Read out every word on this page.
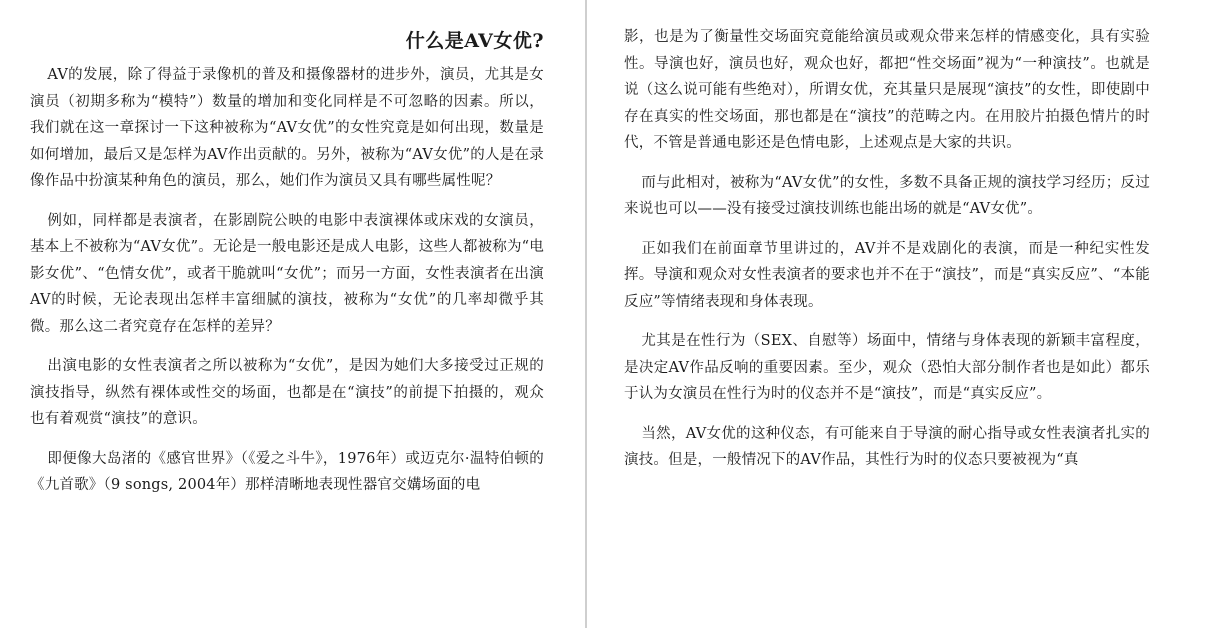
什么是AV女优?

AV的发展，除了得益于录像机的普及和摄像器材的进步外，演员，尤其是女演员（初期多称为“模特”）数量的增加和变化同样是不可忽略的因素。所以，我们就在这一章探讨一下这种被称为“AV女优”的女性究竟是如何出现，数量是如何增加，最后又是怎样为AV作出贡献的。另外，被称为“AV女优”的人是在录像作品中扮演某种角色的演员，那么，她们作为演员又具有哪些属性呢？

例如，同样都是表演者，在影剧院公映的电影中表演裸体或床戏的女演员，基本上不被称为“AV女优”。无论是一般电影还是成人电影，这些人都被称为“电影女优”、“色情女优”，或者干脆就叫“女优”；而另一方面，女性表演者在出演AV的时候，无论表现出怎样丰富细腻的演技，被称为“女优”的几率却微乎其微。那么这二者究竟存在怎样的差异？

出演电影的女性表演者之所以被称为“女优”，是因为她们大多接受过正规的演技指导，纵然有裸体或性交的场面，也都是在“演技”的前提下拍摄的，观众也有着观赏“演技”的意识。

即便像大岛渚的《感官世界》（《爱之斗牛》，1976年）或迈克尔·温特伯顿的《九首歌》（9 songs, 2004年）那样清晰地表现性器官交媾场面的电

影，也是为了衡量性交场面究竟能给演员或观众带来怎样的情感变化，具有实验性。导演也好，演员也好，观众也好，都把“性交场面”视为“一种演技”。也就是说（这么说可能有些绝对），所谓女优，充其量只是展现“演技”的女性，即使剧中存在真实的性交场面，那也都是在“演技”的范畴之内。在用胶片拍摄色情片的时代，不管是普通电影还是色情电影，上述观点是大家的共识。

而与此相对，被称为“AV女优”的女性，多数不具备正规的演技学习经历；反过来说也可以——没有接受过演技训练也能出场的就是“AV女优”。

正如我们在前面章节里讲过的，AV并不是戏剧化的表演，而是一种纪实性发挥。导演和观众对女性表演者的要求也并不在于“演技”，而是“真实反应”、“本能反应”等情绪表现和身体表现。

尤其是在性行为（SEX、自慰等）场面中，情绪与身体表现的新颖丰富程度，是决定AV作品反响的重要因素。至少，观众（恐怕大部分制作者也是如此）都乐于认为女演员在性行为时的仪态并不是“演技”，而是“真实反应”。

当然，AV女优的这种仪态，有可能来自于导演的耐心指导或女性表演者扎实的演技。但是，一般情况下的AV作品，其性行为时的仪态只要被视为“真
